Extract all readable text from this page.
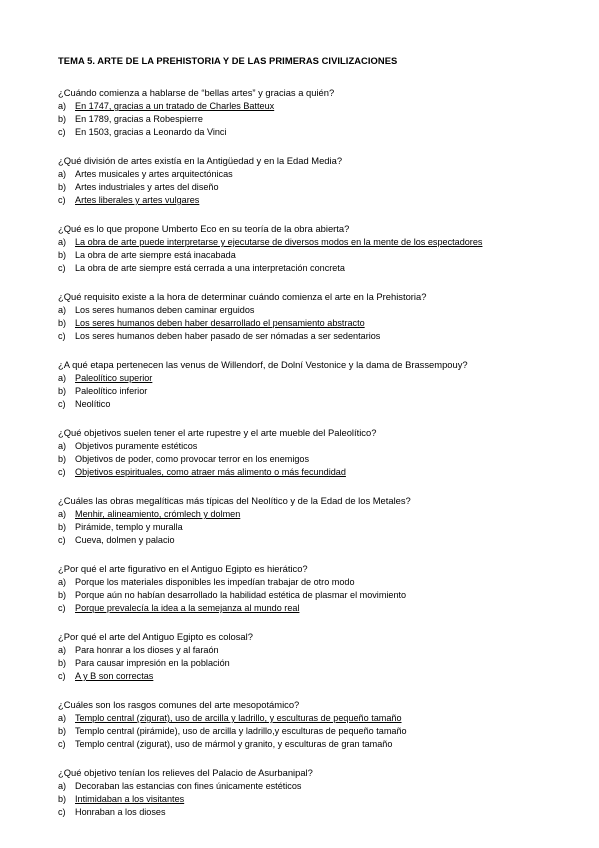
TEMA 5. ARTE DE LA PREHISTORIA Y DE LAS PRIMERAS CIVILIZACIONES
¿Cuándo comienza a hablarse de “bellas artes” y gracias a quién?
a) En 1747, gracias a un tratado de Charles Batteux
b) En 1789, gracias a Robespierre
c)	En 1503, gracias a Leonardo da Vinci
¿Qué división de artes existía en la Antigüedad y en la Edad Media?
a) Artes musicales y artes arquitectónicas
b) Artes industriales y artes del diseño
c)	Artes liberales y artes vulgares
¿Qué es lo que propone Umberto Eco en su teoría de la obra abierta?
a) La obra de arte puede interpretarse y ejecutarse de diversos modos en la mente de los espectadores
b) La obra de arte siempre está inacabada
c)	La obra de arte siempre está cerrada a una interpretación concreta
¿Qué requisito existe a la hora de determinar cuándo comienza el arte en la Prehistoria?
a) Los seres humanos deben caminar erguidos
b) Los seres humanos deben haber desarrollado el pensamiento abstracto
c)	Los seres humanos deben haber pasado de ser nómadas a ser sedentarios
¿A qué etapa pertenecen las venus de Willendorf, de Dolní Vestonice y la dama de Brassempouy?
a) Paleolítico superior
b) Paleolítico inferior
c)	Neolítico
¿Qué objetivos suelen tener el arte rupestre y el arte mueble del Paleolítico?
a) Objetivos puramente estéticos
b) Objetivos de poder, como provocar terror en los enemigos
c)	Objetivos espirituales, como atraer más alimento o más fecundidad
¿Cuáles las obras megalíticas más típicas del Neolítico y de la Edad de los Metales?
a) Menhir, alineamiento, crómlech y dolmen
b) Pirámide, templo y muralla
c)	Cueva, dolmen y palacio
¿Por qué el arte figurativo en el Antiguo Egipto es hierático?
a) Porque los materiales disponibles les impedían trabajar de otro modo
b) Porque aún no habían desarrollado la habilidad estética de plasmar el movimiento
c)	Porque prevalecía la idea a la semejanza al mundo real
¿Por qué el arte del Antiguo Egipto es colosal?
a) Para honrar a los dioses y al faraón
b) Para causar impresión en la población
c)	A y B son correctas
¿Cuáles son los rasgos comunes del arte mesopotámico?
a) Templo central (zigurat), uso de arcilla y ladrillo, y esculturas de pequeño tamaño
b) Templo central (pirámide), uso de arcilla y ladrillo,y esculturas de pequeño tamaño
c)	Templo central (zigurat), uso de mármol y granito, y esculturas de gran tamaño
¿Qué objetivo tenían los relieves del Palacio de Asurbanipal?
a) Decoraban las estancias con fines únicamente estéticos
b) Intimidaban a los visitantes
c)	Honraban a los dioses
